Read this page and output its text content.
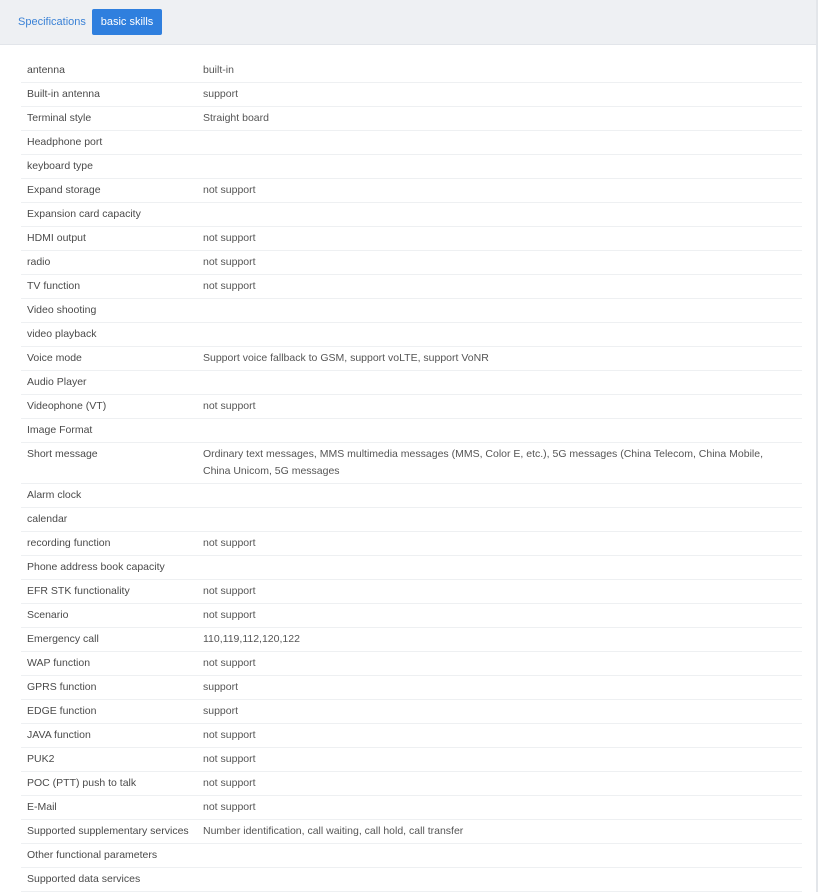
Specifications	basic skills
antenna	built-in
Built-in antenna	support
Terminal style	Straight board
Headphone port
keyboard type
Expand storage	not support
Expansion card capacity
HDMI output	not support
radio	not support
TV function	not support
Video shooting
video playback
Voice mode	Support voice fallback to GSM, support voLTE, support VoNR
Audio Player
Videophone (VT)	not support
Image Format
Short message	Ordinary text messages, MMS multimedia messages (MMS, Color E, etc.), 5G messages (China Telecom, China Mobile, China Unicom, 5G messages
Alarm clock
calendar
recording function	not support
Phone address book capacity
EFR STK functionality	not support
Scenario	not support
Emergency call	110,119,112,120,122
WAP function	not support
GPRS function	support
EDGE function	support
JAVA function	not support
PUK2	not support
POC (PTT) push to talk	not support
E-Mail	not support
Supported supplementary services	Number identification, call waiting, call hold, call transfer
Other functional parameters
Supported data services
